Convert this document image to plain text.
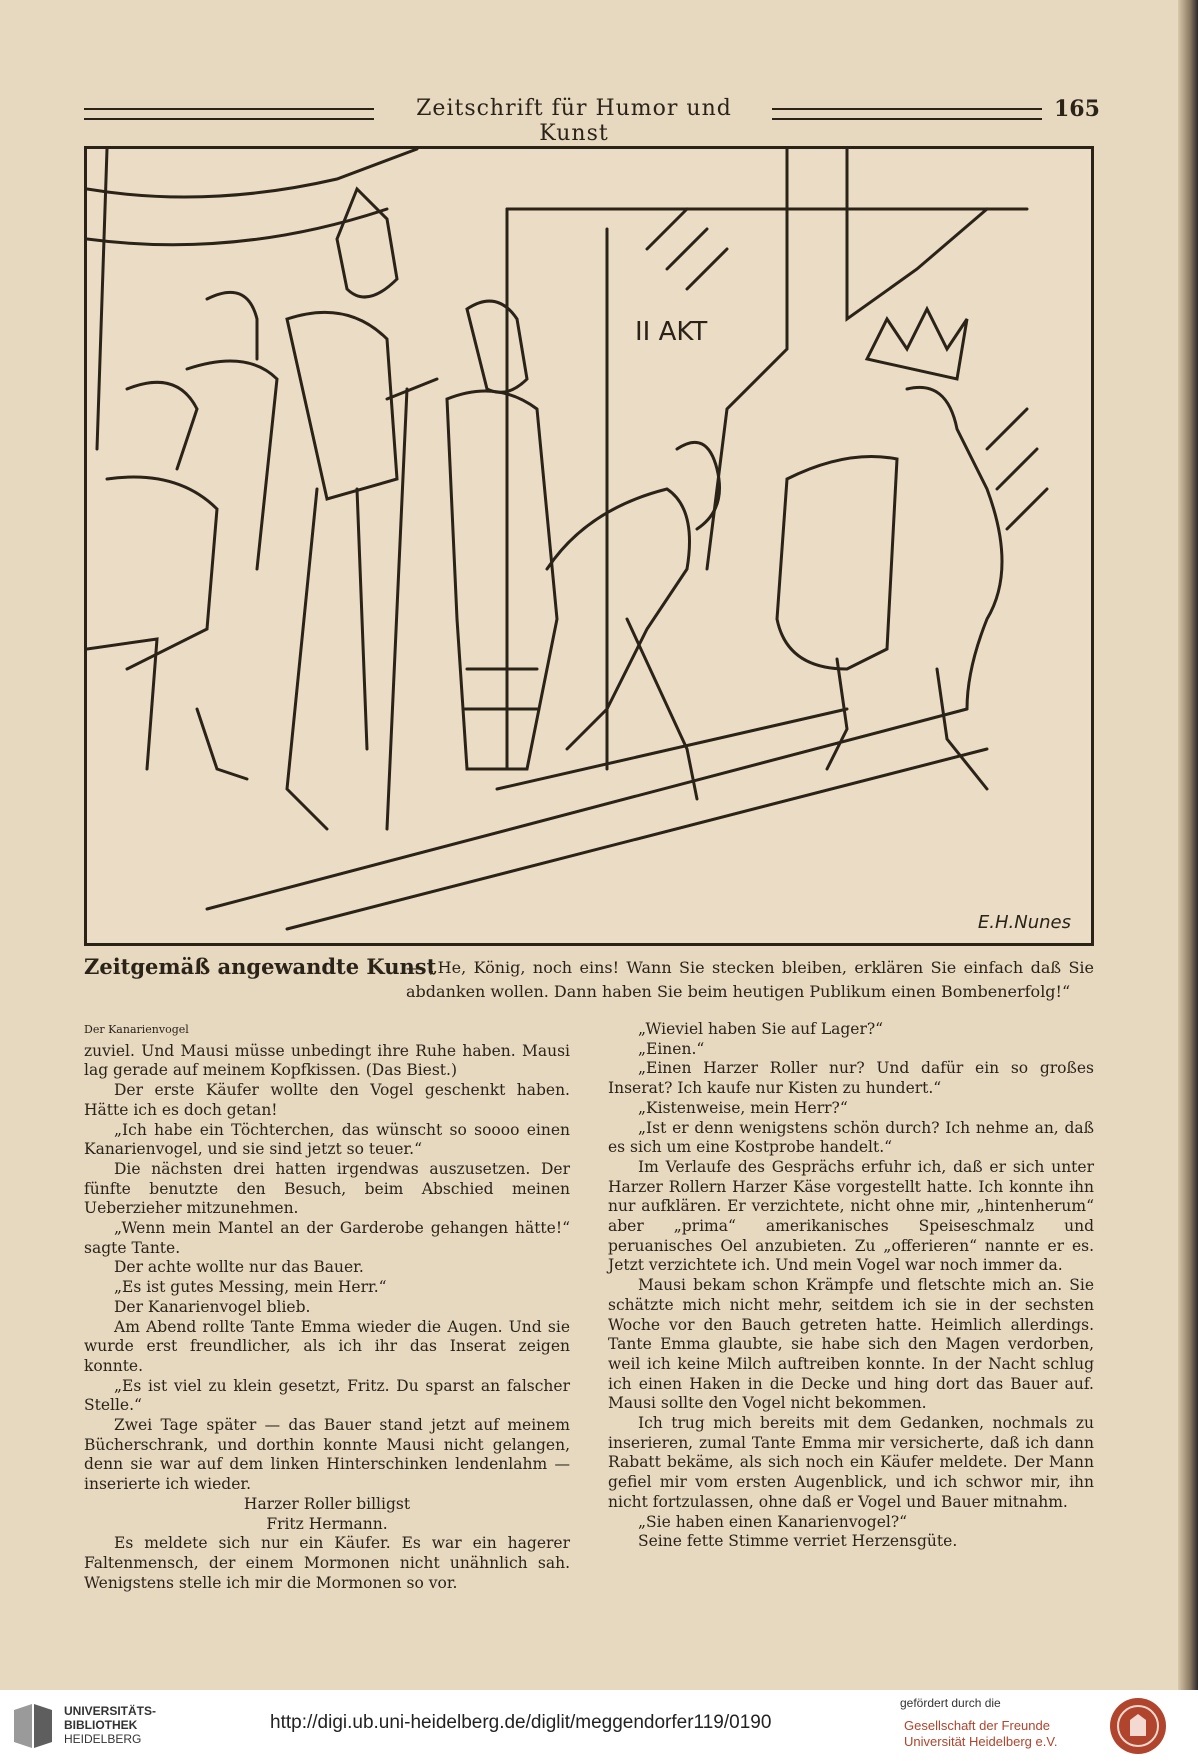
Zeitschrift für Humor und Kunst
165
II AKT
E.H.Nunes
Zeitgemäß angewandte Kunst
— „He, König, noch eins! Wann Sie stecken bleiben, erklären Sie einfach daß Sie abdanken wollen. Dann haben Sie beim heutigen Publikum einen Bombenerfolg!“
Der Kanarienvogel

zuviel. Und Mausi müsse unbedingt ihre Ruhe haben. Mausi lag gerade auf meinem Kopfkissen. (Das Biest.)

Der erste Käufer wollte den Vogel geschenkt haben. Hätte ich es doch getan!

„Ich habe ein Töchterchen, das wünscht so soooo einen Kanarienvogel, und sie sind jetzt so teuer.“

Die nächsten drei hatten irgendwas auszusetzen. Der fünfte benutzte den Besuch, beim Abschied meinen Ueberzieher mitzunehmen.

„Wenn mein Mantel an der Garderobe gehangen hätte!“ sagte Tante.

Der achte wollte nur das Bauer.

„Es ist gutes Messing, mein Herr.“

Der Kanarienvogel blieb.

Am Abend rollte Tante Emma wieder die Augen. Und sie wurde erst freundlicher, als ich ihr das Inserat zeigen konnte.

„Es ist viel zu klein gesetzt, Fritz. Du sparst an falscher Stelle.“

Zwei Tage später — das Bauer stand jetzt auf meinem Bücherschrank, und dorthin konnte Mausi nicht gelangen, denn sie war auf dem linken Hinterschinken lendenlahm — inserierte ich wieder.

Harzer Roller billigst

Fritz Hermann.

Es meldete sich nur ein Käufer. Es war ein hagerer Faltenmensch, der einem Mormonen nicht unähnlich sah. Wenigstens stelle ich mir die Mormonen so vor.

„Wieviel haben Sie auf Lager?“

„Einen.“

„Einen Harzer Roller nur? Und dafür ein so großes Inserat? Ich kaufe nur Kisten zu hundert.“

„Kistenweise, mein Herr?“

„Ist er denn wenigstens schön durch? Ich nehme an, daß es sich um eine Kostprobe handelt.“

Im Verlaufe des Gesprächs erfuhr ich, daß er sich unter Harzer Rollern Harzer Käse vorgestellt hatte. Ich konnte ihn nur aufklären. Er verzichtete, nicht ohne mir, „hintenherum“ aber „prima“ amerikanisches Speiseschmalz und peruanisches Oel anzubieten. Zu „offerieren“ nannte er es. Jetzt verzichtete ich. Und mein Vogel war noch immer da.

Mausi bekam schon Krämpfe und fletschte mich an. Sie schätzte mich nicht mehr, seitdem ich sie in der sechsten Woche vor den Bauch getreten hatte. Heimlich allerdings. Tante Emma glaubte, sie habe sich den Magen verdorben, weil ich keine Milch auftreiben konnte. In der Nacht schlug ich einen Haken in die Decke und hing dort das Bauer auf. Mausi sollte den Vogel nicht bekommen.

Ich trug mich bereits mit dem Gedanken, nochmals zu inserieren, zumal Tante Emma mir versicherte, daß ich dann Rabatt bekäme, als sich noch ein Käufer meldete. Der Mann gefiel mir vom ersten Augenblick, und ich schwor mir, ihn nicht fortzulassen, ohne daß er Vogel und Bauer mitnahm.

„Sie haben einen Kanarienvogel?“

Seine fette Stimme verriet Herzensgüte.

UNIVERSITÄTS-
BIBLIOTHEK
HEIDELBERG
http://digi.ub.uni-heidelberg.de/diglit/meggendorfer119/0190
gefördert durch die
Gesellschaft der Freunde
Universität Heidelberg e.V.
